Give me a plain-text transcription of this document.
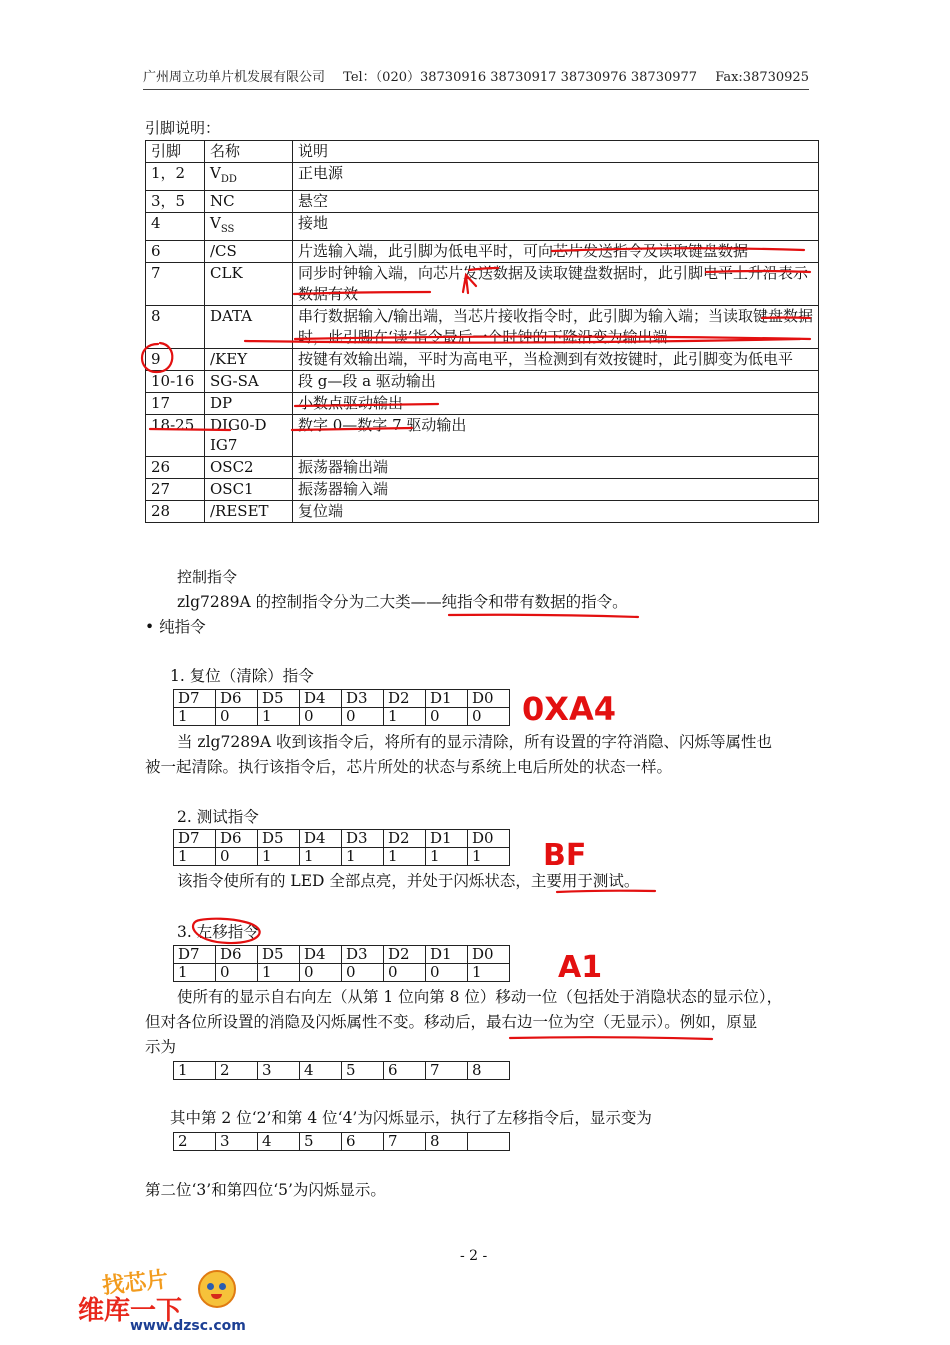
广州周立功单片机发展有限公司 Tel：（020）38730916 38730917 38730976 38730977 Fax:38730925
引脚说明：
引脚	名称	说明
1，2	$V_{DD}$	正电源
3，5	NC	悬空
4	$V_{SS}$	接地
6	/CS	片选输入端，此引脚为低电平时，可向芯片发送指令及读取键盘数据
7	CLK	同步时钟输入端，向芯片发送数据及读取键盘数据时，此引脚电平上升沿表示数据有效
8	DATA	串行数据输入/输出端，当芯片接收指令时，此引脚为输入端；当读取键盘数据时，此引脚在‘读’指令最后一个时钟的下降沿变为输出端
9	/KEY	按键有效输出端，平时为高电平，当检测到有效按键时，此引脚变为低电平
10-16	SG-SA	段 g—段 a 驱动输出
17	DP	小数点驱动输出
18-25	DIG0-DIG7	数字 0—数字 7 驱动输出
26	OSC2	振荡器输出端
27	OSC1	振荡器输入端
28	/RESET	复位端
控制指令
zlg7289A 的控制指令分为二大类——纯指令和带有数据的指令。
• 纯指令
1. 复位（清除）指令
D7	D6	D5	D4	D3	D2	D1	D0
1	0	1	0	0	1	0	0
当 zlg7289A 收到该指令后，将所有的显示清除，所有设置的字符消隐、闪烁等属性也
被一起清除。执行该指令后，芯片所处的状态与系统上电后所处的状态一样。
0XA4
2. 测试指令
D7	D6	D5	D4	D3	D2	D1	D0
1	0	1	1	1	1	1	1
该指令使所有的 LED 全部点亮，并处于闪烁状态，主要用于测试。
BF
3. 左移指令
D7	D6	D5	D4	D3	D2	D1	D0
1	0	1	0	0	0	0	1	A1
使所有的显示自右向左（从第 1 位向第 8 位）移动一位（包括处于消隐状态的显示位），
但对各位所设置的消隐及闪烁属性不变。移动后，最右边一位为空（无显示）。例如，原显
示为
1	2	3	4	5	6	7	8
其中第 2 位‘2’和第 4 位‘4’为闪烁显示，执行了左移指令后，显示变为
2	3	4	5	6	7	8	
第二位‘3’和第四位‘5’为闪烁显示。
- 2 -
找芯片
维库一下
www.dzsc.com
